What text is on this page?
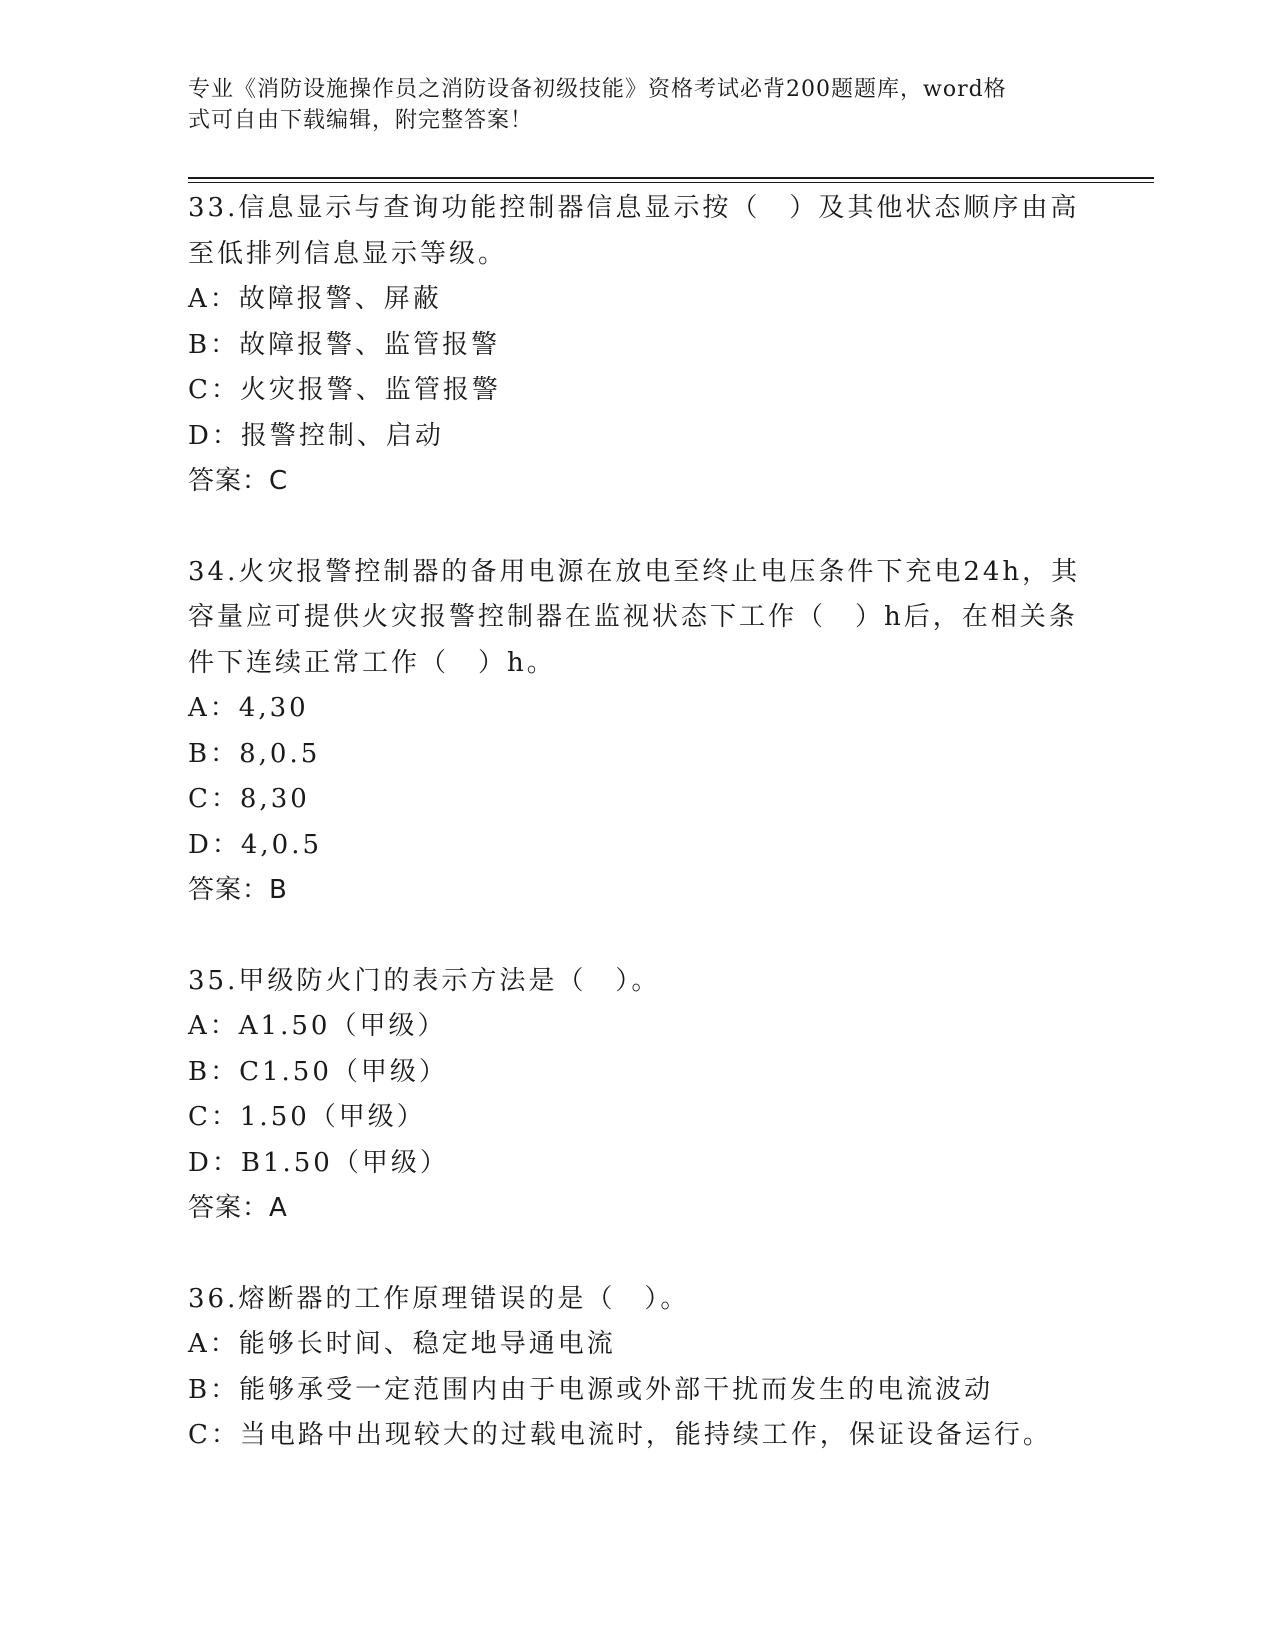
专业《消防设施操作员之消防设备初级技能》资格考试必背200题题库，word格
式可自由下载编辑，附完整答案！
33.信息显示与查询功能控制器信息显示按（　）及其他状态顺序由高
至低排列信息显示等级。
A：故障报警、屏蔽
B：故障报警、监管报警
C：火灾报警、监管报警
D：报警控制、启动
答案：C
34.火灾报警控制器的备用电源在放电至终止电压条件下充电24h，其
容量应可提供火灾报警控制器在监视状态下工作（　）h后，在相关条
件下连续正常工作（　）h。
A：4,30
B：8,0.5
C：8,30
D：4,0.5
答案：B
35.甲级防火门的表示方法是（　）。
A：A1.50（甲级）
B：C1.50（甲级）
C：1.50（甲级）
D：B1.50（甲级）
答案：A
36.熔断器的工作原理错误的是（　）。
A：能够长时间、稳定地导通电流
B：能够承受一定范围内由于电源或外部干扰而发生的电流波动
C：当电路中出现较大的过载电流时，能持续工作，保证设备运行。
